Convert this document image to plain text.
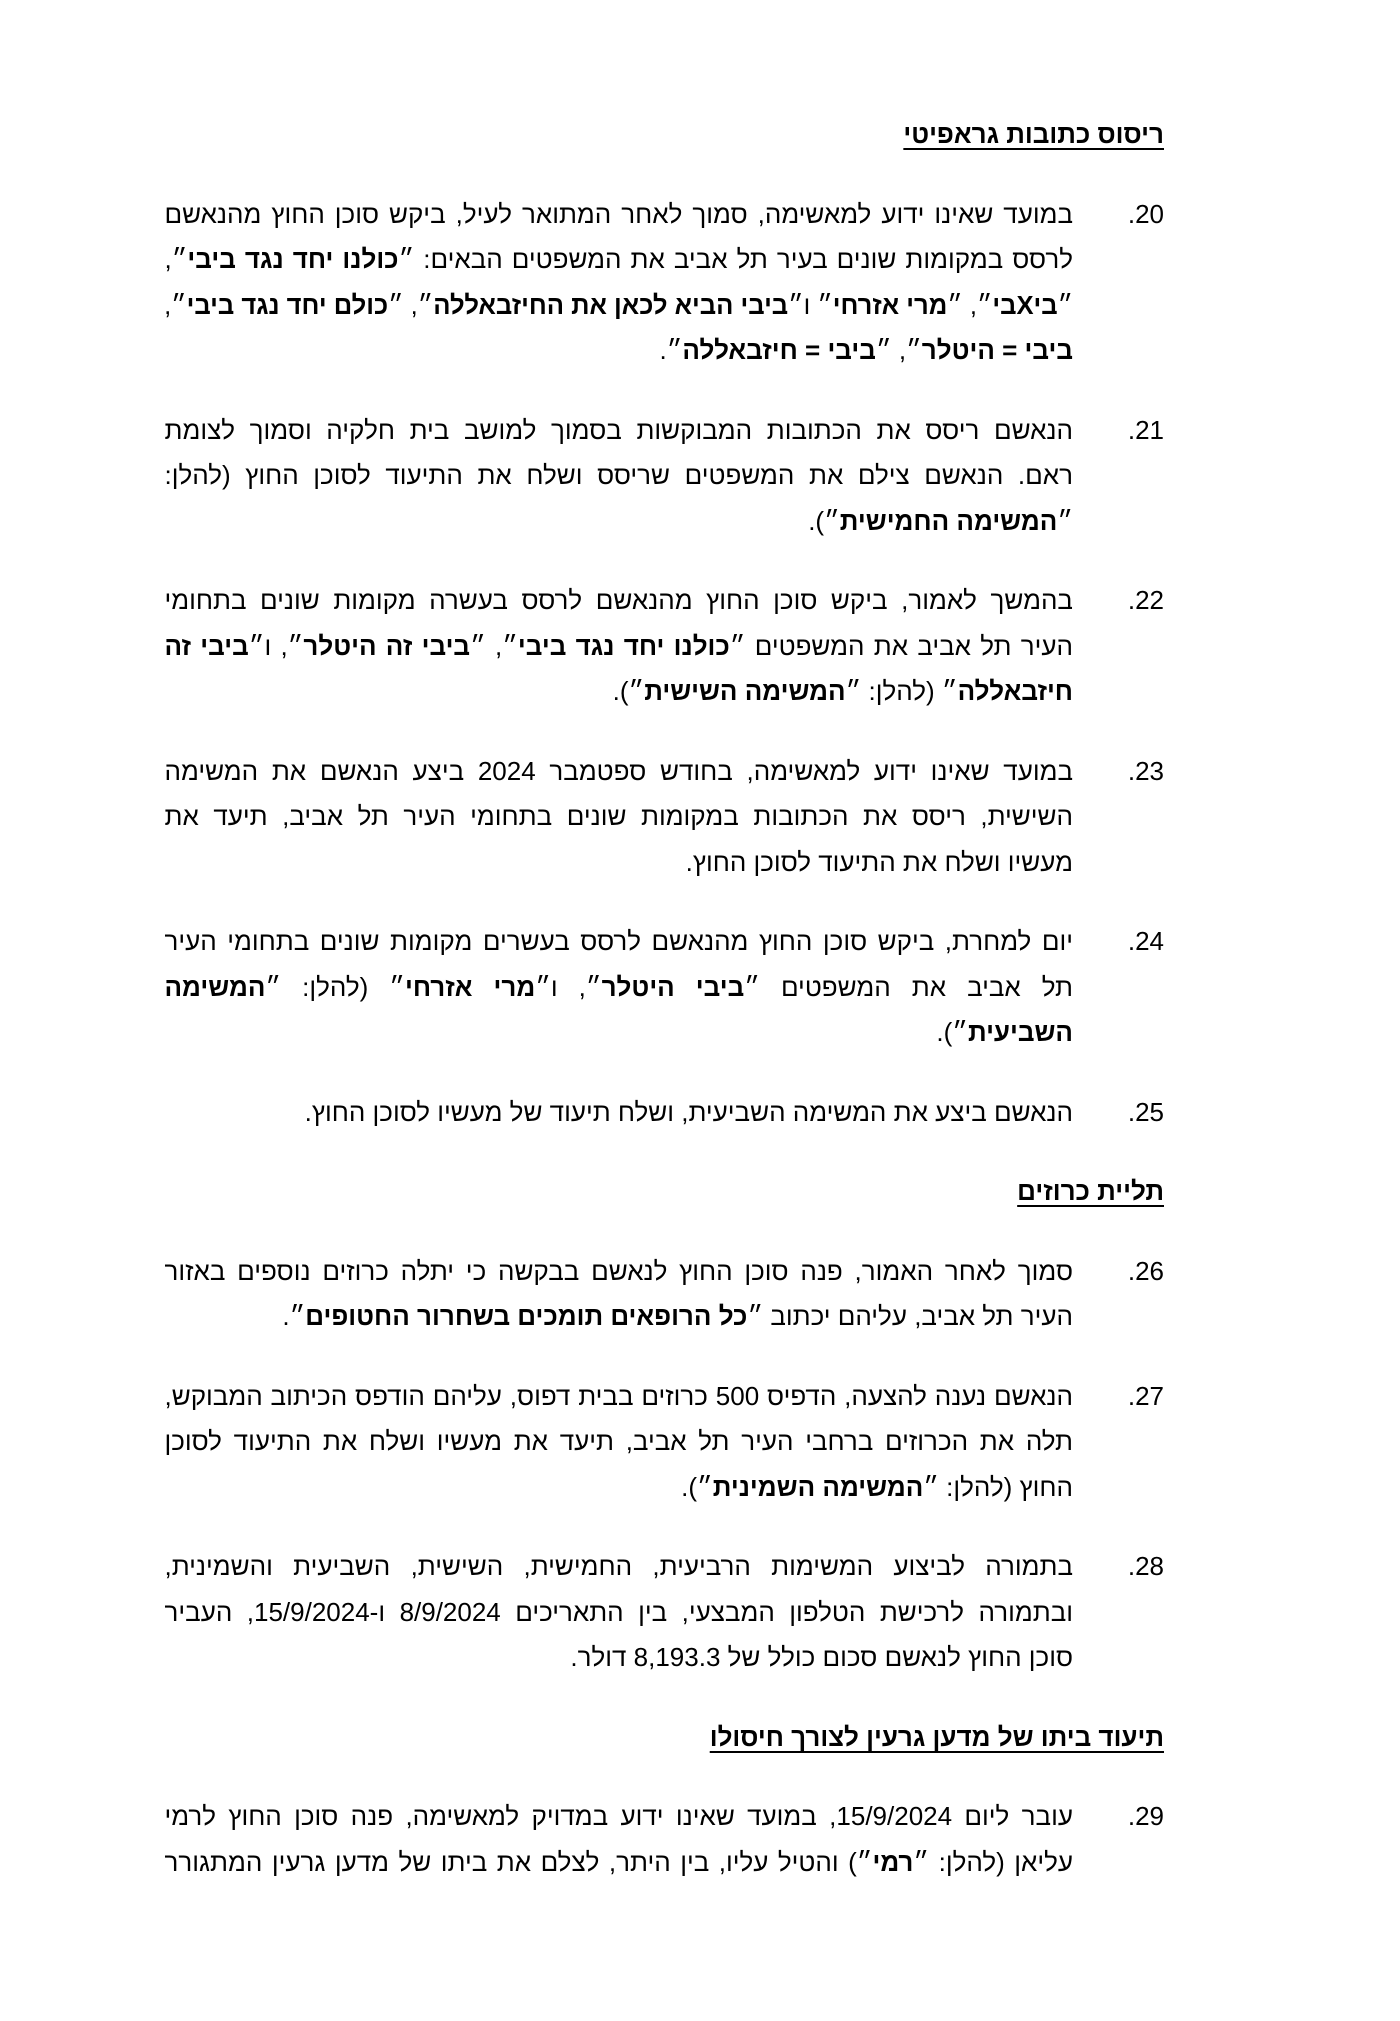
ריסוס כתובות גראפיטי
.20
במועד שאינו ידוע למאשימה, סמוך לאחר המתואר לעיל, ביקש סוכן החוץ מהנאשם
לרסס במקומות שונים בעיר תל אביב את המשפטים הבאים: ״כולנו יחד נגד ביבי״,
״ביXבי״, ״מרי אזרחי״ ו״ביבי הביא לכאן את החיזבאללה״, ״כולם יחד נגד ביבי״,
ביבי = היטלר״, ״ביבי = חיזבאללה״.
.21
הנאשם ריסס את הכתובות המבוקשות בסמוך למושב בית חלקיה וסמוך לצומת
ראם. הנאשם צילם את המשפטים שריסס ושלח את התיעוד לסוכן החוץ (להלן:
״המשימה החמישית״).
.22
בהמשך לאמור, ביקש סוכן החוץ מהנאשם לרסס בעשרה מקומות שונים בתחומי
העיר תל אביב את המשפטים ״כולנו יחד נגד ביבי״, ״ביבי זה היטלר״, ו״ביבי זה
חיזבאללה״ (להלן: ״המשימה השישית״).
.23
במועד שאינו ידוע למאשימה, בחודש ספטמבר 2024 ביצע הנאשם את המשימה
השישית, ריסס את הכתובות במקומות שונים בתחומי העיר תל אביב, תיעד את
מעשיו ושלח את התיעוד לסוכן החוץ.
.24
יום למחרת, ביקש סוכן החוץ מהנאשם לרסס בעשרים מקומות שונים בתחומי העיר
תל אביב את המשפטים ״ביבי היטלר״, ו״מרי אזרחי״ (להלן: ״המשימה
השביעית״).
.25
הנאשם ביצע את המשימה השביעית, ושלח תיעוד של מעשיו לסוכן החוץ.
תליית כרוזים
.26
סמוך לאחר האמור, פנה סוכן החוץ לנאשם בבקשה כי יתלה כרוזים נוספים באזור
העיר תל אביב, עליהם יכתוב ״כל הרופאים תומכים בשחרור החטופים״.
.27
הנאשם נענה להצעה, הדפיס 500 כרוזים בבית דפוס, עליהם הודפס הכיתוב המבוקש,
תלה את הכרוזים ברחבי העיר תל אביב, תיעד את מעשיו ושלח את התיעוד לסוכן
החוץ (להלן: ״המשימה השמינית״).
.28
בתמורה לביצוע המשימות הרביעית, החמישית, השישית, השביעית והשמינית,
ובתמורה לרכישת הטלפון המבצעי, בין התאריכים 8/9/2024 ו-15/9/2024, העביר
סוכן החוץ לנאשם סכום כולל של 8,193.3 דולר.
תיעוד ביתו של מדען גרעין לצורך חיסולו
.29
עובר ליום 15/9/2024, במועד שאינו ידוע במדויק למאשימה, פנה סוכן החוץ לרמי
עליאן (להלן: ״רמי״) והטיל עליו, בין היתר, לצלם את ביתו של מדען גרעין המתגורר
